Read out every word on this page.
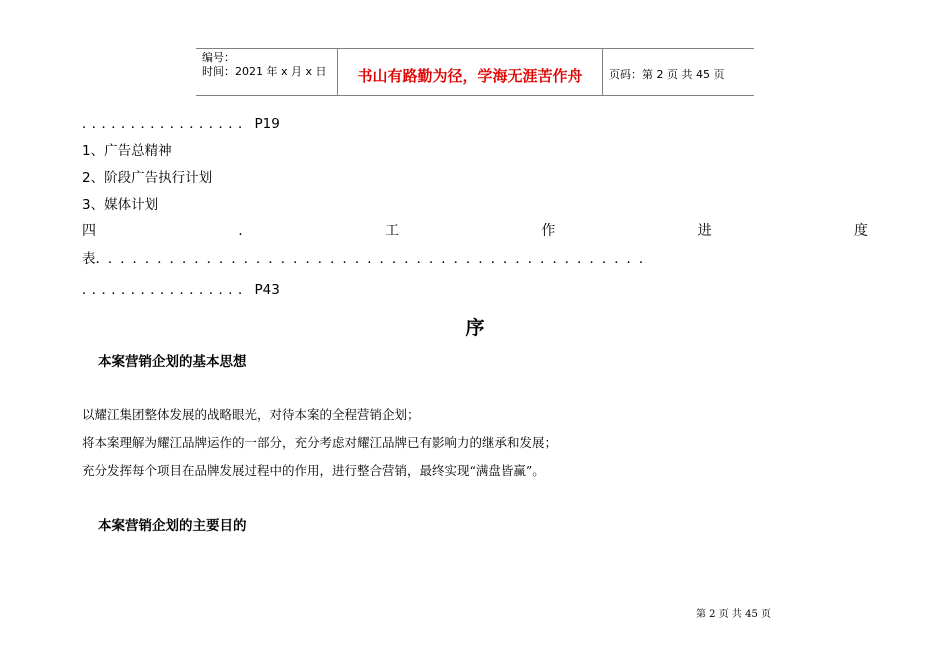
编号：
时间：2021 年 x 月 x 日	书山有路勤为径，学海无涯苦作舟	页码：第 2 页 共 45 页
．．．．．．．．．．．．．．．．．P19
1、广告总精神
2、阶段广告执行计划
3、媒体计划
四	.	工	作	进	度
表．．．．．．．．．．．．．．．．．．．．．．．．．．．．．．．．．．．．．．．．．．．．．
．．．．．．．．．．．．．．．．．P43
序
本案营销企划的基本思想
以耀江集团整体发展的战略眼光，对待本案的全程营销企划；
将本案理解为耀江品牌运作的一部分，充分考虑对耀江品牌已有影响力的继承和发展；
充分发挥每个项目在品牌发展过程中的作用，进行整合营销，最终实现“满盘皆赢”。
本案营销企划的主要目的
第 2 页 共 45 页
